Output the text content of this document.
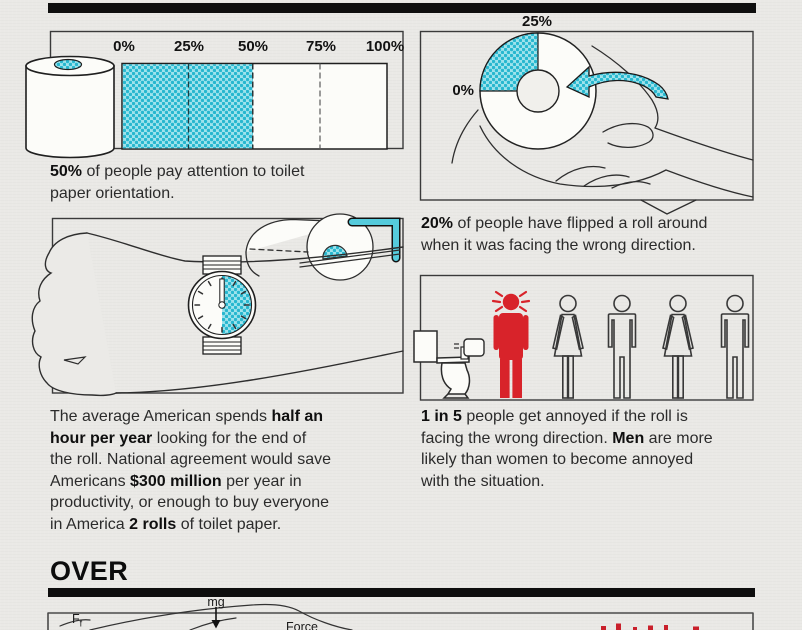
0%	25% 50%	75% 100%
25%
0%
50% of people pay attention to toilet
paper orientation.
20% of people have flipped a roll around
when it was facing the wrong direction.
The average American spends half an
hour per year looking for the end of
the roll. National agreement would save
Americans $300 million per year in
productivity, or enough to buy everyone
in America 2 rolls of toilet paper.
1 in 5 people get annoyed if the roll is
facing the wrong direction. Men are more
likely than women to become annoyed
with the situation.
OVER
$F_f$
mg
Force
